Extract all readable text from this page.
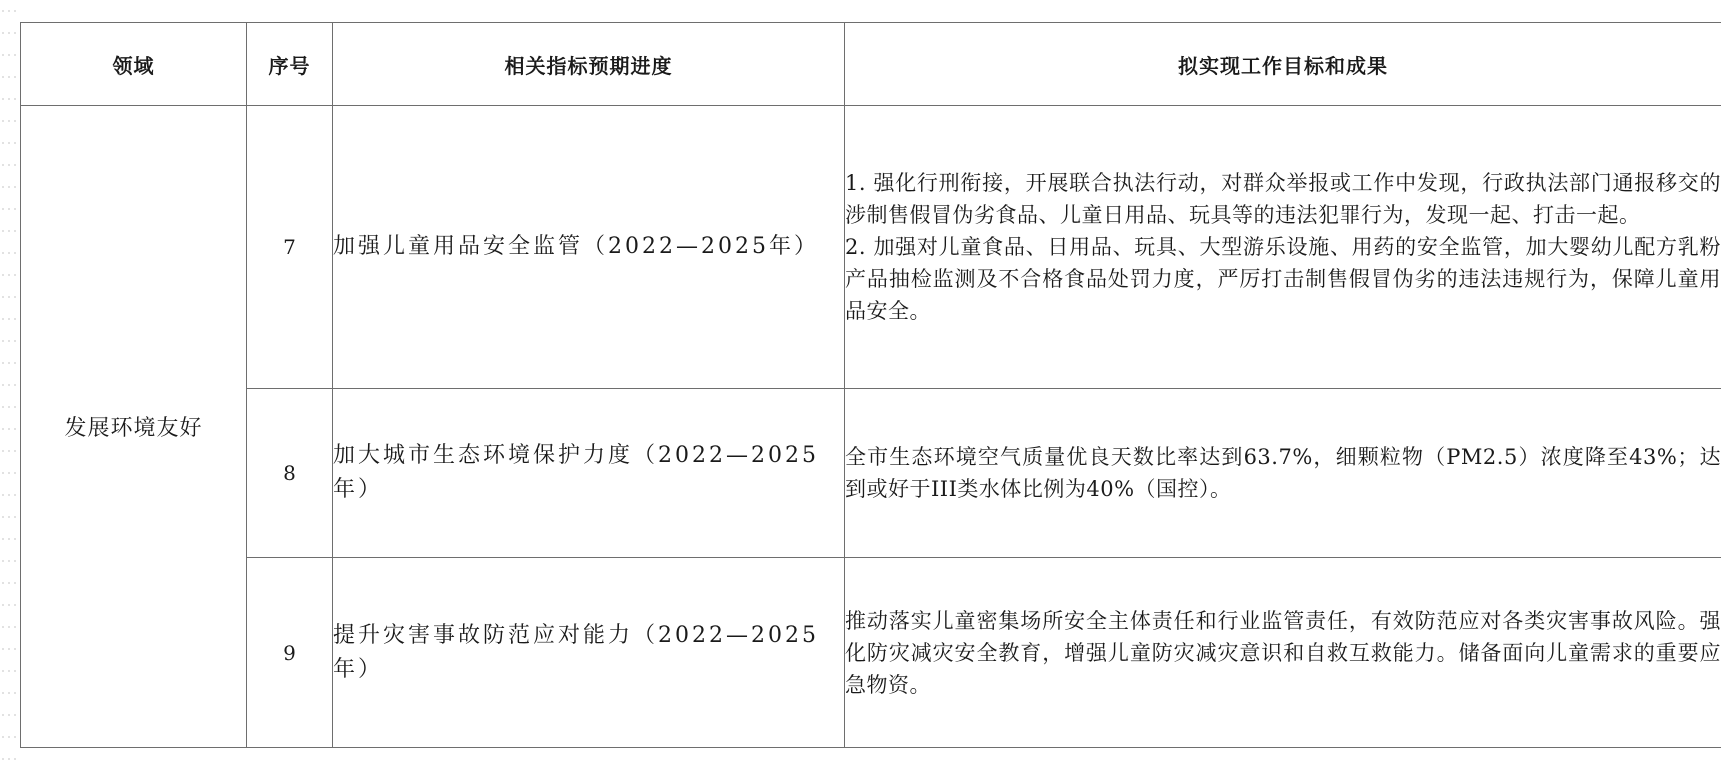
领域	序号	相关指标预期进度	拟实现工作目标和成果
发展环境友好	7	加强儿童用品安全监管（2022—2025年）	1. 强化行刑衔接，开展联合执法行动，对群众举报或工作中发现，行政执法部门通报移交的涉制售假冒伪劣食品、儿童日用品、玩具等的违法犯罪行为，发现一起、打击一起。

2. 加强对儿童食品、日用品、玩具、大型游乐设施、用药的安全监管，加大婴幼儿配方乳粉产品抽检监测及不合格食品处罚力度，严厉打击制售假冒伪劣的违法违规行为，保障儿童用品安全。

	8	加大城市生态环境保护力度（2022—2025年）	全市生态环境空气质量优良天数比率达到63.7%，细颗粒物（PM2.5）浓度降至43%；达到或好于III类水体比例为40%（国控）。

	9	提升灾害事故防范应对能力（2022—2025年）	推动落实儿童密集场所安全主体责任和行业监管责任，有效防范应对各类灾害事故风险。强化防灾减灾安全教育，增强儿童防灾减灾意识和自救互救能力。储备面向儿童需求的重要应急物资。
